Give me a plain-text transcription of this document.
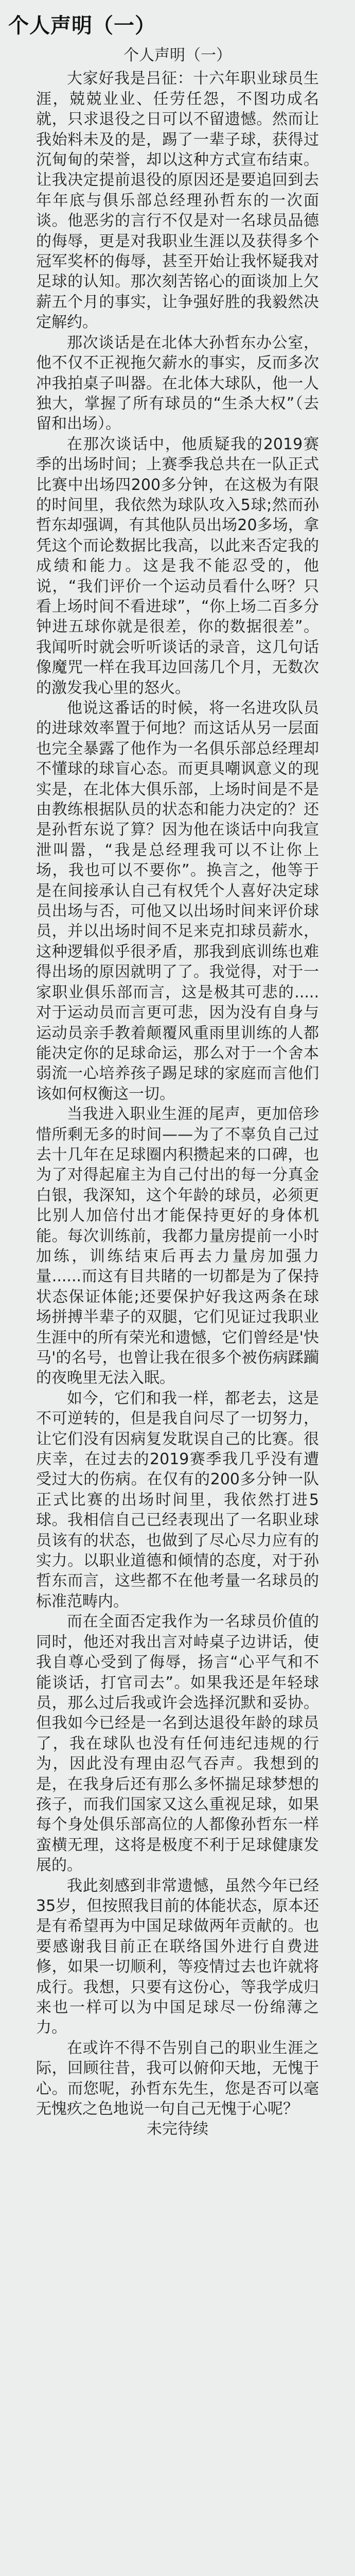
个人声明（一）
个人声明（一）

大家好我是吕征：十六年职业球员生涯，兢兢业业、任劳任怨，不图功成名就，只求退役之日可以不留遗憾。然而让我始料未及的是，踢了一辈子球，获得过沉甸甸的荣誉，却以这种方式宣布结束。让我决定提前退役的原因还是要追回到去年年底与俱乐部总经理孙哲东的一次面谈。他恶劣的言行不仅是对一名球员品德的侮辱，更是对我职业生涯以及获得多个冠军奖杯的侮辱，甚至开始让我怀疑我对足球的认知。那次刻苦铭心的面谈加上欠薪五个月的事实，让争强好胜的我毅然决定解约。

那次谈话是在北体大孙哲东办公室，他不仅不正视拖欠薪水的事实，反而多次冲我拍桌子叫器。在北体大球队，他一人独大，掌握了所有球员的“生杀大权”（去留和出场）。

在那次谈话中，他质疑我的2019赛季的出场时间；上赛季我总共在一队正式比赛中出场四200多分钟，在这极为有限的时间里，我依然为球队攻入5球;然而孙哲东却强调，有其他队员出场20多场，拿凭这个而论数据比我高，以此来否定我的成绩和能力。这是我不能忍受的，他说，“我们评价一个运动员看什么呀？只看上场时间不看进球”，“你上场二百多分钟进五球你就是很差，你的数据很差”。我闻听时就会听听谈话的录音，这几句话像魔咒一样在我耳边回荡几个月，无数次的激发我心里的怒火。

他说这番话的时候，将一名进攻队员的进球效率置于何地？而这话从另一层面也完全暴露了他作为一名俱乐部总经理却不懂球的球盲心态。而更具嘲讽意义的现实是，在北体大俱乐部，上场时间是不是由教练根据队员的状态和能力决定的？还是孙哲东说了算？因为他在谈话中向我宣泄叫嚣，“我是总经理我可以不让你上场，我也可以不要你”。换言之，他等于是在间接承认自己有权凭个人喜好决定球员出场与否，可他又以出场时间来评价球员，并以出场时间不足来克扣球员薪水，这种逻辑似乎很矛盾，那我到底训练也难得出场的原因就明了了。我觉得，对于一家职业俱乐部而言，这是极其可悲的.....对于运动员而言更可悲，因为没有自身与运动员亲手教着颠覆风重雨里训练的人都能决定你的足球命运，那么对于一个舍本弱流一心培养孩子踢足球的家庭而言他们该如何权衡这一切。

当我进入职业生涯的尾声，更加倍珍惜所剩无多的时间——为了不辜负自己过去十几年在足球圈内积攒起来的口碑，也为了对得起雇主为自己付出的每一分真金白银，我深知，这个年龄的球员，必须更比别人加倍付出才能保持更好的身体机能。每次训练前，我都力量房提前一小时加练，训练结束后再去力量房加强力量......而这有目共睹的一切都是为了保持状态保证体能;还要保护好我这两条在球场拼搏半辈子的双腿，它们见证过我职业生涯中的所有荣光和遗憾，它们曾经是'快马'的名号，也曾让我在很多个被伤病蹂躏的夜晚里无法入眠。

如今，它们和我一样，都老去，这是不可逆转的，但是我自问尽了一切努力，让它们没有因病复发耽误自己的比赛。很庆幸，在过去的2019赛季我几乎没有遭受过大的伤病。在仅有的200多分钟一队正式比赛的出场时间里，我依然打进5球。我相信自己已经表现出了一名职业球员该有的状态，也做到了尽心尽力应有的实力。以职业道德和倾情的态度，对于孙哲东而言，这些都不在他考量一名球员的标准范畴内。

而在全面否定我作为一名球员价值的同时，他还对我出言对峙桌子边讲话，使我自尊心受到了侮辱，扬言“心平气和不能谈话，打官司去”。如果我还是年轻球员，那么过后我或许会选择沉默和妥协。但我如今已经是一名到达退役年龄的球员了，我在球队也没有任何违纪违规的行为，因此没有理由忍气吞声。我想到的是，在我身后还有那么多怀揣足球梦想的孩子，而我们国家又这么重视足球，如果每个身处俱乐部高位的人都像孙哲东一样蛮横无理，这将是极度不利于足球健康发展的。

我此刻感到非常遗憾，虽然今年已经35岁，但按照我目前的体能状态，原本还是有希望再为中国足球做两年贡献的。也要感谢我目前正在联络国外进行自费进修，如果一切顺利，等疫情过去也许就将成行。我想，只要有这份心，等我学成归来也一样可以为中国足球尽一份绵薄之力。

在或许不得不告别自己的职业生涯之际，回顾往昔，我可以俯仰天地，无愧于心。而您呢，孙哲东先生，您是否可以毫无愧疚之色地说一句自己无愧于心呢？

未完待续
